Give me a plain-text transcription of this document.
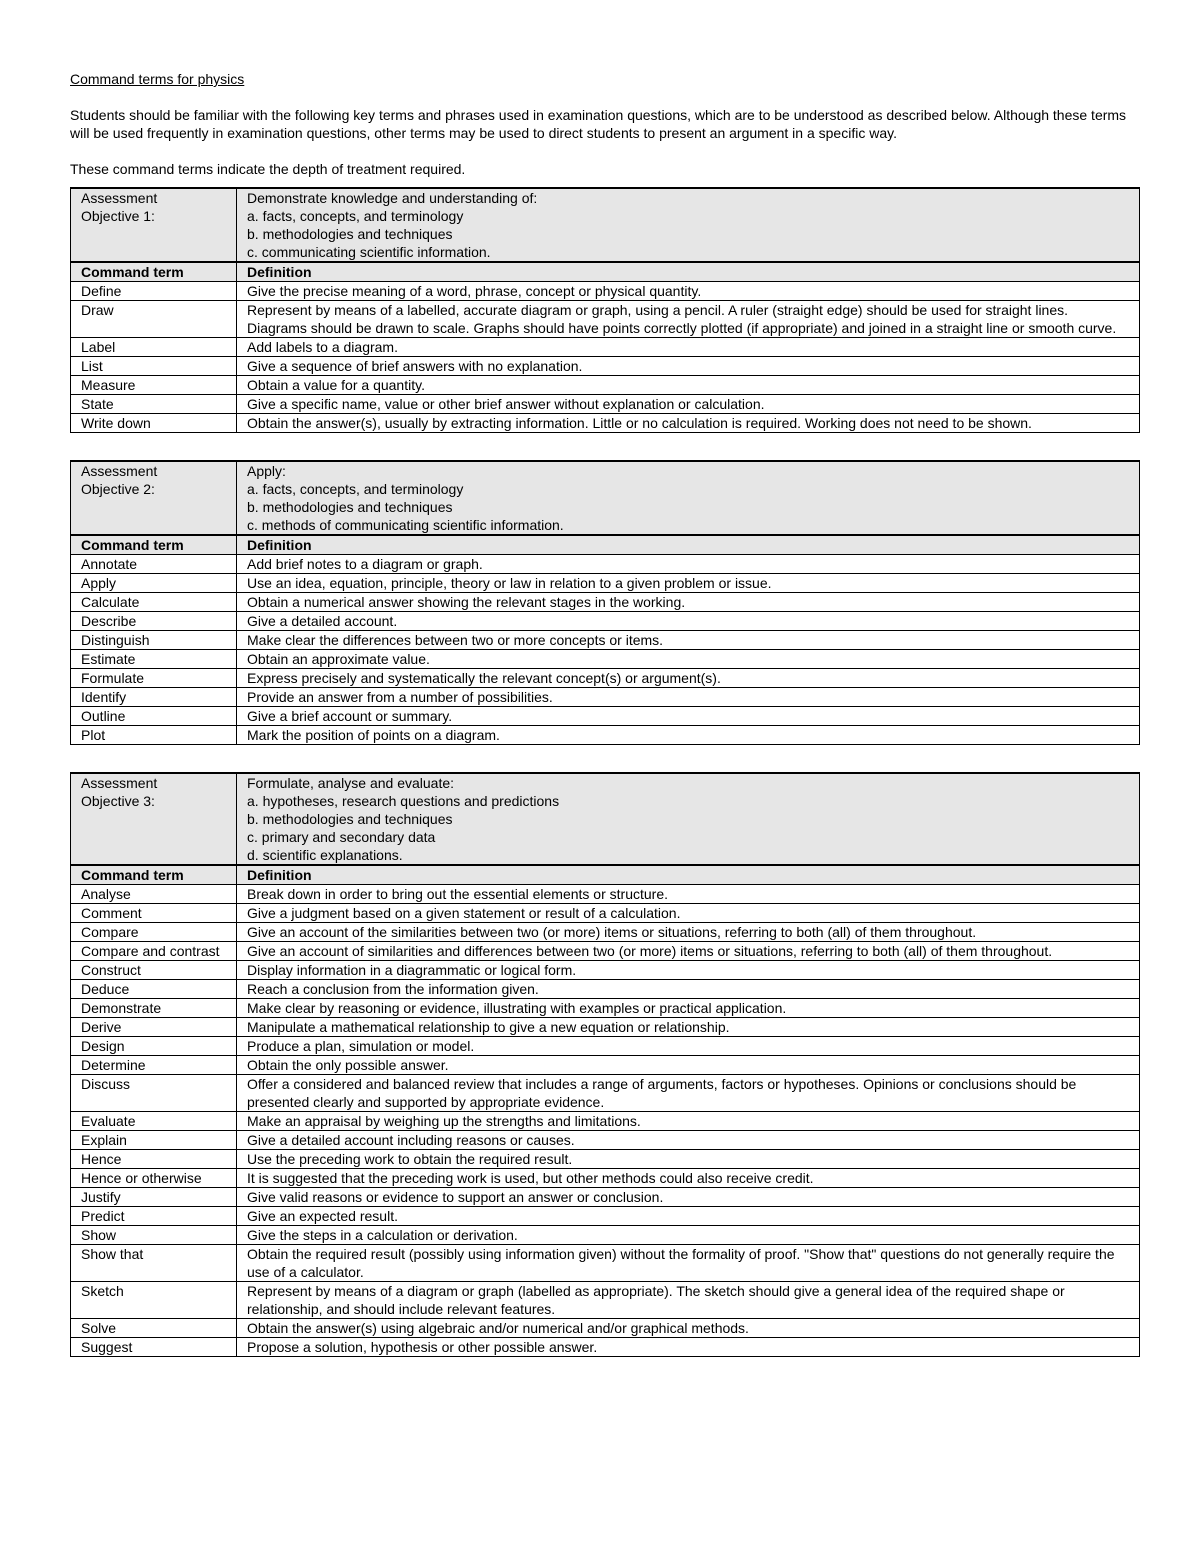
Command terms for physics

Students should be familiar with the following key terms and phrases used in examination questions, which are to be understood as described below. Although these terms will be used frequently in examination questions, other terms may be used to direct students to present an argument in a specific way.

These command terms indicate the depth of treatment required.

Assessment
Objective 1:	Demonstrate knowledge and understanding of:
a. facts, concepts, and terminology
b. methodologies and techniques
c. communicating scientific information.

Command term	Definition
Define	Give the precise meaning of a word, phrase, concept or physical quantity.
Draw	Represent by means of a labelled, accurate diagram or graph, using a pencil. A ruler (straight edge) should be used for straight lines. Diagrams should be drawn to scale. Graphs should have points correctly plotted (if appropriate) and joined in a straight line or smooth curve.
Label	Add labels to a diagram.
List	Give a sequence of brief answers with no explanation.
Measure	Obtain a value for a quantity.
State	Give a specific name, value or other brief answer without explanation or calculation.
Write down	Obtain the answer(s), usually by extracting information. Little or no calculation is required. Working does not need to be shown.
Assessment
Objective 2:	Apply:
a. facts, concepts, and terminology
b. methodologies and techniques
c. methods of communicating scientific information.

Command term	Definition
Annotate	Add brief notes to a diagram or graph.
Apply	Use an idea, equation, principle, theory or law in relation to a given problem or issue.
Calculate	Obtain a numerical answer showing the relevant stages in the working.
Describe	Give a detailed account.
Distinguish	Make clear the differences between two or more concepts or items.
Estimate	Obtain an approximate value.
Formulate	Express precisely and systematically the relevant concept(s) or argument(s).
Identify	Provide an answer from a number of possibilities.
Outline	Give a brief account or summary.
Plot	Mark the position of points on a diagram.
Assessment
Objective 3:	Formulate, analyse and evaluate:
a. hypotheses, research questions and predictions
b. methodologies and techniques
c. primary and secondary data
d. scientific explanations.

Command term	Definition
Analyse	Break down in order to bring out the essential elements or structure.
Comment	Give a judgment based on a given statement or result of a calculation.
Compare	Give an account of the similarities between two (or more) items or situations, referring to both (all) of them throughout.
Compare and contrast	Give an account of similarities and differences between two (or more) items or situations, referring to both (all) of them throughout.
Construct	Display information in a diagrammatic or logical form.
Deduce	Reach a conclusion from the information given.
Demonstrate	Make clear by reasoning or evidence, illustrating with examples or practical application.
Derive	Manipulate a mathematical relationship to give a new equation or relationship.
Design	Produce a plan, simulation or model.
Determine	Obtain the only possible answer.
Discuss	Offer a considered and balanced review that includes a range of arguments, factors or hypotheses. Opinions or conclusions should be presented clearly and supported by appropriate evidence.
Evaluate	Make an appraisal by weighing up the strengths and limitations.
Explain	Give a detailed account including reasons or causes.
Hence	Use the preceding work to obtain the required result.
Hence or otherwise	It is suggested that the preceding work is used, but other methods could also receive credit.
Justify	Give valid reasons or evidence to support an answer or conclusion.
Predict	Give an expected result.
Show	Give the steps in a calculation or derivation.
Show that	Obtain the required result (possibly using information given) without the formality of proof. "Show that" questions do not generally require the use of a calculator.
Sketch	Represent by means of a diagram or graph (labelled as appropriate). The sketch should give a general idea of the required shape or relationship, and should include relevant features.
Solve	Obtain the answer(s) using algebraic and/or numerical and/or graphical methods.
Suggest	Propose a solution, hypothesis or other possible answer.
